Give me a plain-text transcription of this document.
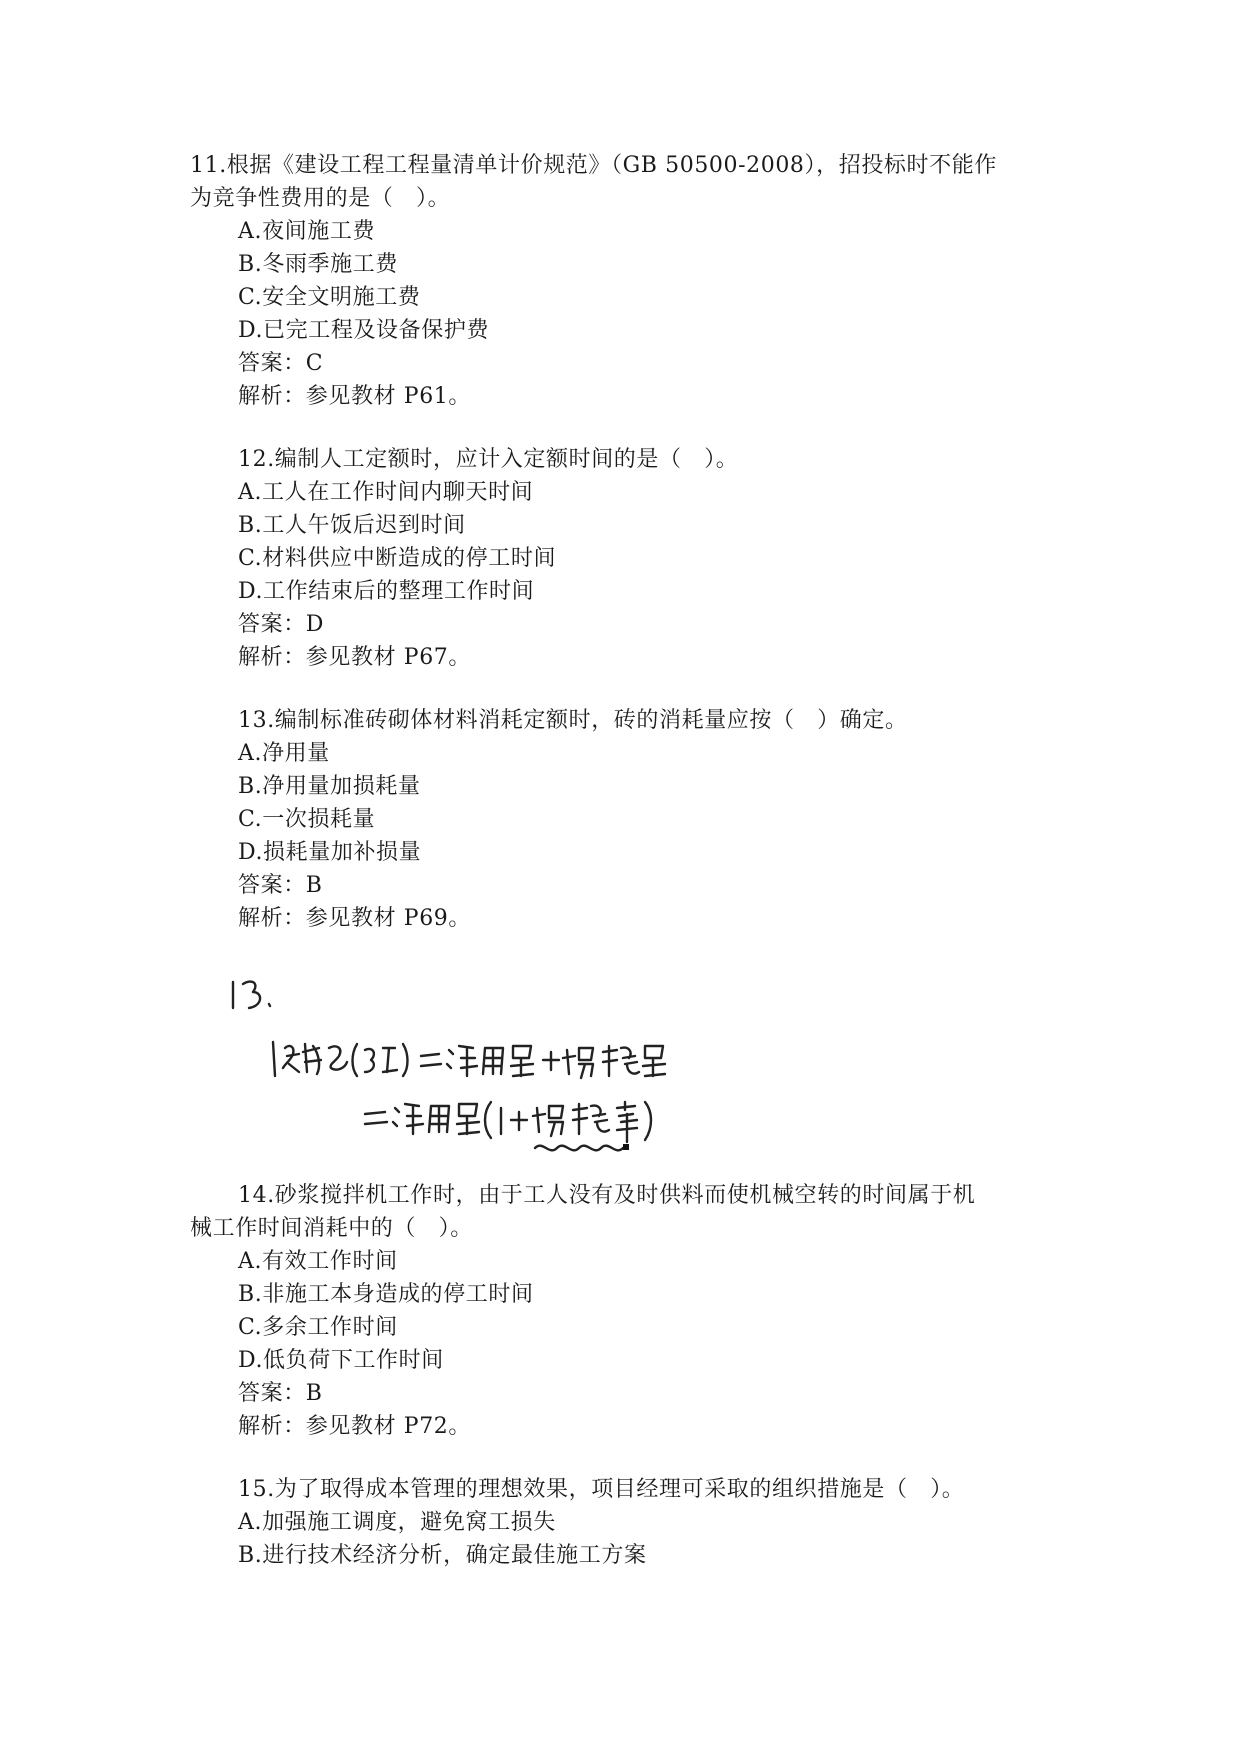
11.根据《建设工程工程量清单计价规范》（GB 50500-2008），招投标时不能作
为竞争性费用的是（　）。
A.夜间施工费
B.冬雨季施工费
C.安全文明施工费
D.已完工程及设备保护费
答案：C
解析：参见教材 P61。
12.编制人工定额时，应计入定额时间的是（　）。
A.工人在工作时间内聊天时间
B.工人午饭后迟到时间
C.材料供应中断造成的停工时间
D.工作结束后的整理工作时间
答案：D
解析：参见教材 P67。
13.编制标准砖砌体材料消耗定额时，砖的消耗量应按（　）确定。
A.净用量
B.净用量加损耗量
C.一次损耗量
D.损耗量加补损量
答案：B
解析：参见教材 P69。
14.砂浆搅拌机工作时，由于工人没有及时供料而使机械空转的时间属于机
械工作时间消耗中的（　）。
A.有效工作时间
B.非施工本身造成的停工时间
C.多余工作时间
D.低负荷下工作时间
答案：B
解析：参见教材 P72。
15.为了取得成本管理的理想效果，项目经理可采取的组织措施是（　）。
A.加强施工调度，避免窝工损失
B.进行技术经济分析，确定最佳施工方案
